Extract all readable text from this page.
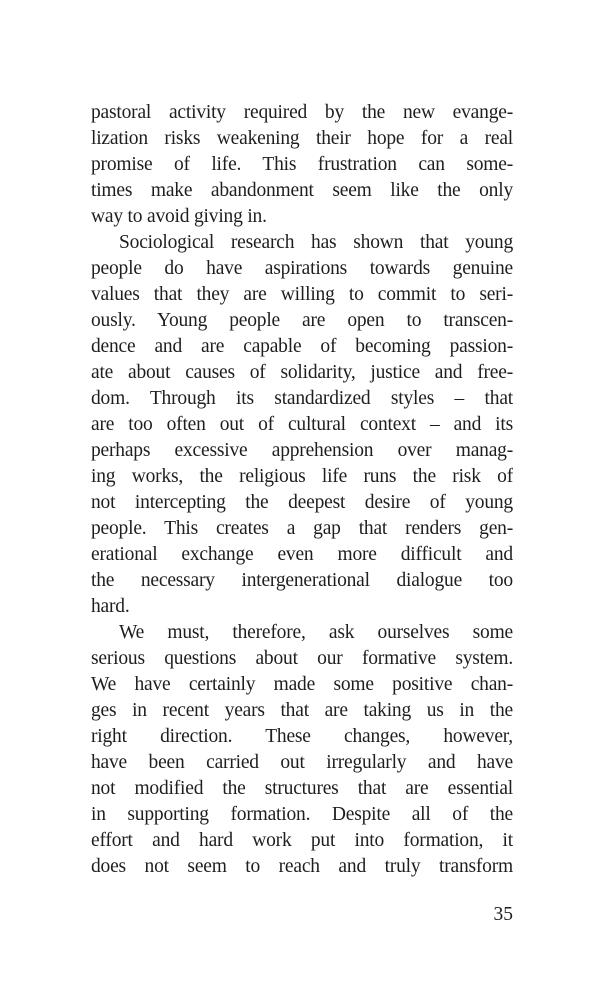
pastoral activity required by the new evange-
lization risks weakening their hope for a real
promise of life. This frustration can some-
times make abandonment seem like the only
way to avoid giving in.
Sociological research has shown that young
people do have aspirations towards genuine
values that they are willing to commit to seri-
ously. Young people are open to transcen-
dence and are capable of becoming passion-
ate about causes of solidarity, justice and free-
dom. Through its standardized styles – that
are too often out of cultural context – and its
perhaps excessive apprehension over manag-
ing works, the religious life runs the risk of
not intercepting the deepest desire of young
people. This creates a gap that renders gen-
erational exchange even more difficult and
the necessary intergenerational dialogue too
hard.
We must, therefore, ask ourselves some
serious questions about our formative system.
We have certainly made some positive chan-
ges in recent years that are taking us in the
right direction. These changes, however,
have been carried out irregularly and have
not modified the structures that are essential
in supporting formation. Despite all of the
effort and hard work put into formation, it
does not seem to reach and truly transform
35
